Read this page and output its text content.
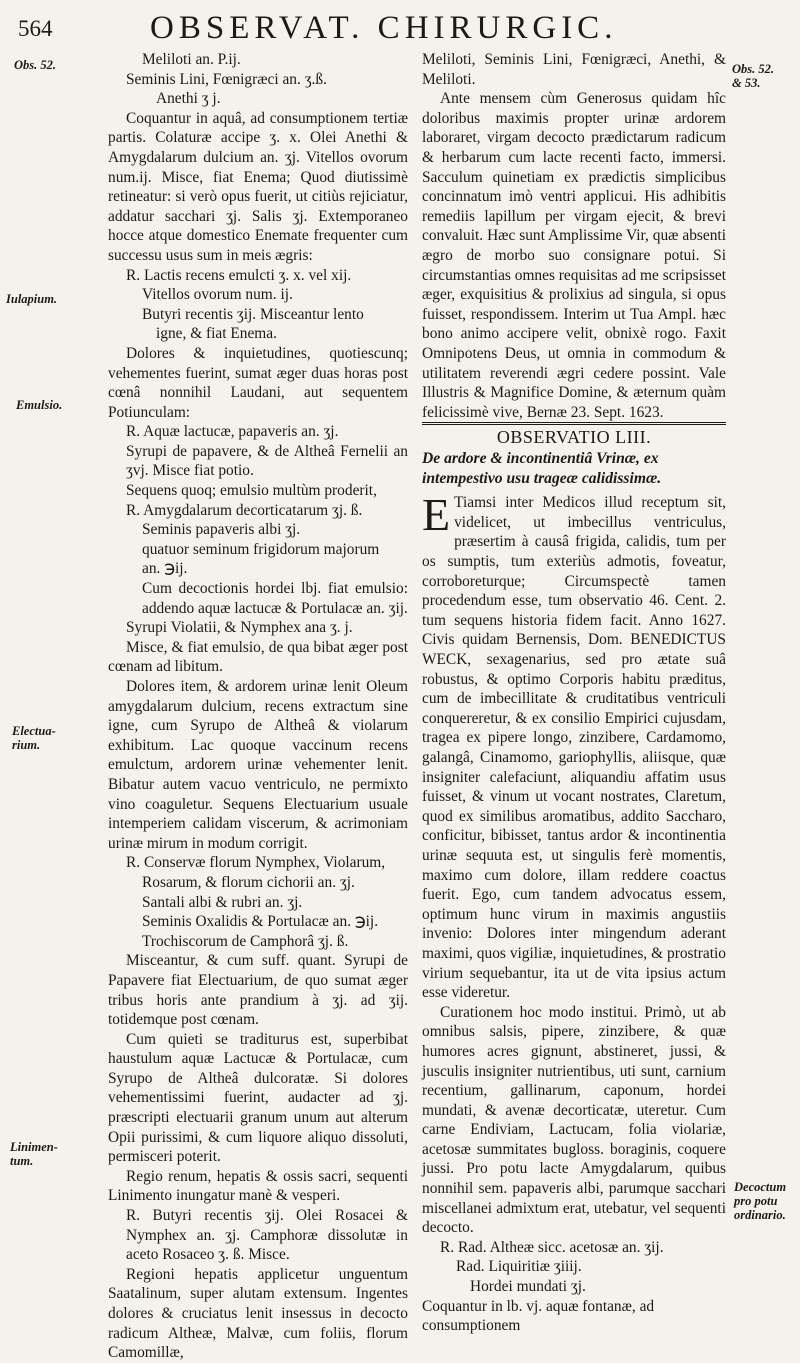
564	OBSERVAT. CHIRURGIC.
Obs. 52.	Obs. 52.
& 53.
Iulapium.
Emulsio.
Electua-
rium.
Linimen-
tum.
Decoctum
pro potu
ordinario.

Meliloti an. P.ij.

Seminis Lini, Fœnigræci an. ʒ.ß.

Anethi ʒ j.

Coquantur in aquâ, ad consumptionem tertiæ partis. Colaturæ accipe ʒ. x. Olei Anethi & Amygdalarum dulcium an. ʒj. Vitellos ovorum num.ij. Misce, fiat Enema; Quod diutissimè retineatur: si verò opus fuerit, ut citiùs rejiciatur, addatur sacchari ʒj. Salis ʒj. Extemporaneo hocce atque domestico Enemate frequenter cum successu usus sum in meis ægris:

R. Lactis recens emulcti ʒ. x. vel xij.

Vitellos ovorum num. ij.

Butyri recentis ʒij. Misceantur lento

igne, & fiat Enema.

Dolores & inquietudines, quotiescunq; vehementes fuerint, sumat æger duas horas post cœnâ nonnihil Laudani, aut sequentem Potiunculam:

R. Aquæ lactucæ, papaveris an. ʒj.

Syrupi de papavere, & de Altheâ Fernelii an ʒvj. Misce fiat potio.

Sequens quoq; emulsio multùm proderit,

R. Amygdalarum decorticatarum ʒj. ß.

Seminis papaveris albi ʒj.

quatuor seminum frigidorum majorum

an. ℈ij.

Cum decoctionis hordei lbj. fiat emulsio: addendo aquæ lactucæ & Portulacæ an. ʒij.

Syrupi Violatii, & Nymphex ana ʒ. j.

Misce, & fiat emulsio, de qua bibat æger post cœnam ad libitum.

Dolores item, & ardorem urinæ lenit Oleum amygdalarum dulcium, recens extractum sine igne, cum Syrupo de Altheâ & violarum exhibitum. Lac quoque vaccinum recens emulctum, ardorem urinæ vehementer lenit. Bibatur autem vacuo ventriculo, ne permixto vino coaguletur. Sequens Electuarium usuale intemperiem calidam viscerum, & acrimoniam urinæ mirum in modum corrigit.

R. Conservæ florum Nymphex, Violarum,

Rosarum, & florum cichorii an. ʒj.

Santali albi & rubri an. ʒj.

Seminis Oxalidis & Portulacæ an. ℈ij.

Trochiscorum de Camphorâ ʒj. ß.

Misceantur, & cum suff. quant. Syrupi de Papavere fiat Electuarium, de quo sumat æger tribus horis ante prandium à ʒj. ad ʒij. totidemque post cœnam.

Cum quieti se traditurus est, superbibat haustulum aquæ Lactucæ & Portulacæ, cum Syrupo de Altheâ dulcoratæ. Si dolores vehementissimi fuerint, audacter ad ʒj. præscripti electuarii granum unum aut alterum Opii purissimi, & cum liquore aliquo dissoluti, permisceri poterit.

Regio renum, hepatis & ossis sacri, sequenti Linimento inungatur manè & vesperi.

R. Butyri recentis ʒij. Olei Rosacei & Nymphex an. ʒj. Camphoræ dissolutæ in aceto Rosaceo ʒ. ß. Misce.

Regioni hepatis applicetur unguentum Saatalinum, super alutam extensum. Ingentes dolores & cruciatus lenit insessus in decocto radicum Altheæ, Malvæ, cum foliis, florum Camomillæ,

Meliloti, Seminis Lini, Fœnigræci, Anethi, & Meliloti.

Ante mensem cùm Generosus quidam hîc doloribus maximis propter urinæ ardorem laboraret, virgam decocto prædictarum radicum & herbarum cum lacte recenti facto, immersi. Sacculum quinetiam ex prædictis simplicibus concinnatum imò ventri applicui. His adhibitis remediis lapillum per virgam ejecit, & brevi convaluit. Hæc sunt Amplissime Vir, quæ absenti ægro de morbo suo consignare potui. Si circumstantias omnes requisitas ad me scripsisset æger, exquisitius & prolixius ad singula, si opus fuisset, respondissem. Interim ut Tua Ampl. hæc bono animo accipere velit, obnixè rogo. Faxit Omnipotens Deus, ut omnia in commodum & utilitatem reverendi ægri cedere possint. Vale Illustris & Magnifice Domine, & æternum quàm felicissimè vive, Bernæ 23. Sept. 1623.

OBSERVATIO LIII.
De ardore & incontinentiâ Vrinæ, ex intempestivo usu trageæ calidissimæ.

E Tiamsi inter Medicos illud receptum sit, videlicet, ut imbecillus ventriculus, præsertim à causâ frigida, calidis, tum per os sumptis, tum exteriùs admotis, foveatur, corroboreturque; Circumspectè tamen procedendum esse, tum observatio 46. Cent. 2. tum sequens historia fidem facit. Anno 1627. Civis quidam Bernensis, Dom. BENEDICTUS WECK, sexagenarius, sed pro ætate suâ robustus, & optimo Corporis habitu præditus, cum de imbecillitate & cruditatibus ventriculi conquereretur, & ex consilio Empirici cujusdam, tragea ex pipere longo, zinzibere, Cardamomo, galangâ, Cinamomo, gariophyllis, aliisque, quæ insigniter calefaciunt, aliquandiu affatim usus fuisset, & vinum ut vocant nostrates, Claretum, quod ex similibus aromatibus, addito Saccharo, conficitur, bibisset, tantus ardor & incontinentia urinæ sequuta est, ut singulis ferè momentis, maximo cum dolore, illam reddere coactus fuerit. Ego, cum tandem advocatus essem, optimum hunc virum in maximis angustiis invenio: Dolores inter mingendum aderant maximi, quos vigiliæ, inquietudines, & prostratio virium sequebantur, ita ut de vita ipsius actum esse videretur.

Curationem hoc modo institui. Primò, ut ab omnibus salsis, pipere, zinzibere, & quæ humores acres gignunt, abstineret, jussi, & jusculis insigniter nutrientibus, uti sunt, carnium recentium, gallinarum, caponum, hordei mundati, & avenæ decorticatæ, uteretur. Cum carne Endiviam, Lactucam, folia violariæ, acetosæ summitates bugloss. boraginis, coquere jussi. Pro potu lacte Amygdalarum, quibus nonnihil sem. papaveris albi, parumque sacchari miscellanei admixtum erat, utebatur, vel sequenti decocto.

R. Rad. Altheæ sicc. acetosæ an. ʒij.

Rad. Liquiritiæ ʒiiij.

Hordei mundati ʒj.

Coquantur in lb. vj. aquæ fontanæ, ad consumptionem
